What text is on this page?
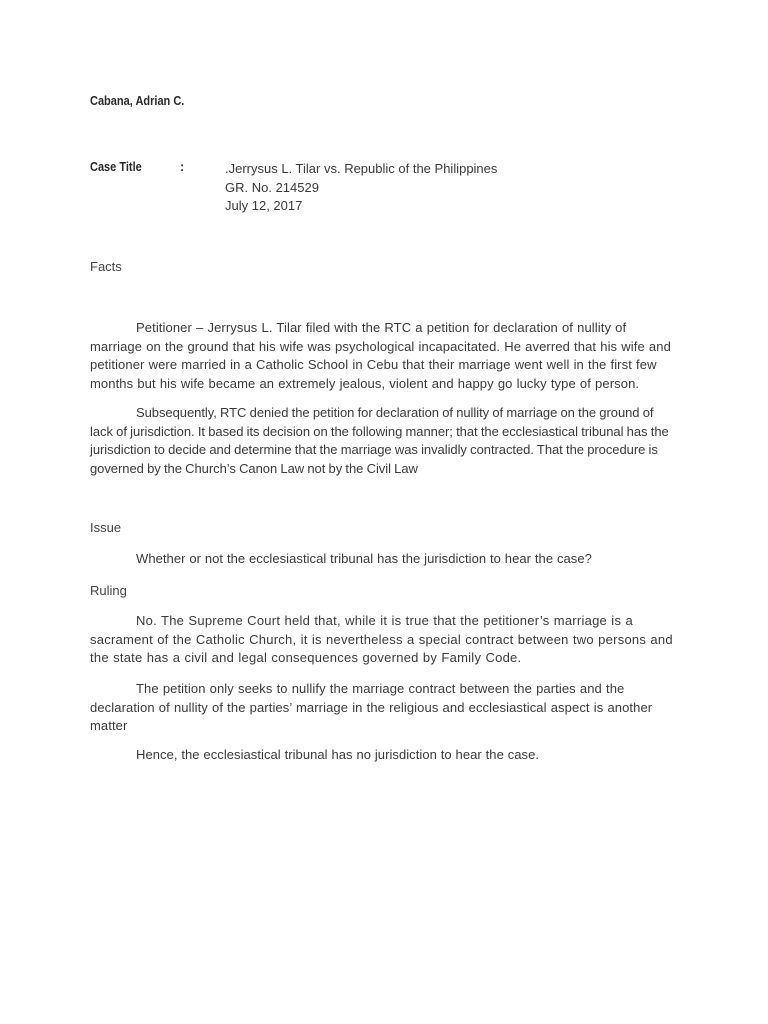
Cabana, Adrian C.
Case Title	:	.Jerrysus L. Tilar vs. Republic of the Philippines
GR. No. 214529
July 12, 2017
Facts

Petitioner – Jerrysus L. Tilar filed with the RTC a petition for declaration of nullity of marriage on the ground that his wife was psychological incapacitated. He averred that his wife and petitioner were married in a Catholic School in Cebu that their marriage went well in the first few months but his wife became an extremely jealous, violent and happy go lucky type of person.

Subsequently, RTC denied the petition for declaration of nullity of marriage on the ground of lack of jurisdiction. It based its decision on the following manner; that the ecclesiastical tribunal has the jurisdiction to decide and determine that the marriage was invalidly contracted. That the procedure is governed by the Church’s Canon Law not by the Civil Law

Issue

Whether or not the ecclesiastical tribunal has the jurisdiction to hear the case?

Ruling

No. The Supreme Court held that, while it is true that the petitioner’s marriage is a sacrament of the Catholic Church, it is nevertheless a special contract between two persons and the state has a civil and legal consequences governed by Family Code.

The petition only seeks to nullify the marriage contract between the parties and the declaration of nullity of the parties’ marriage in the religious and ecclesiastical aspect is another matter

Hence, the ecclesiastical tribunal has no jurisdiction to hear the case.
